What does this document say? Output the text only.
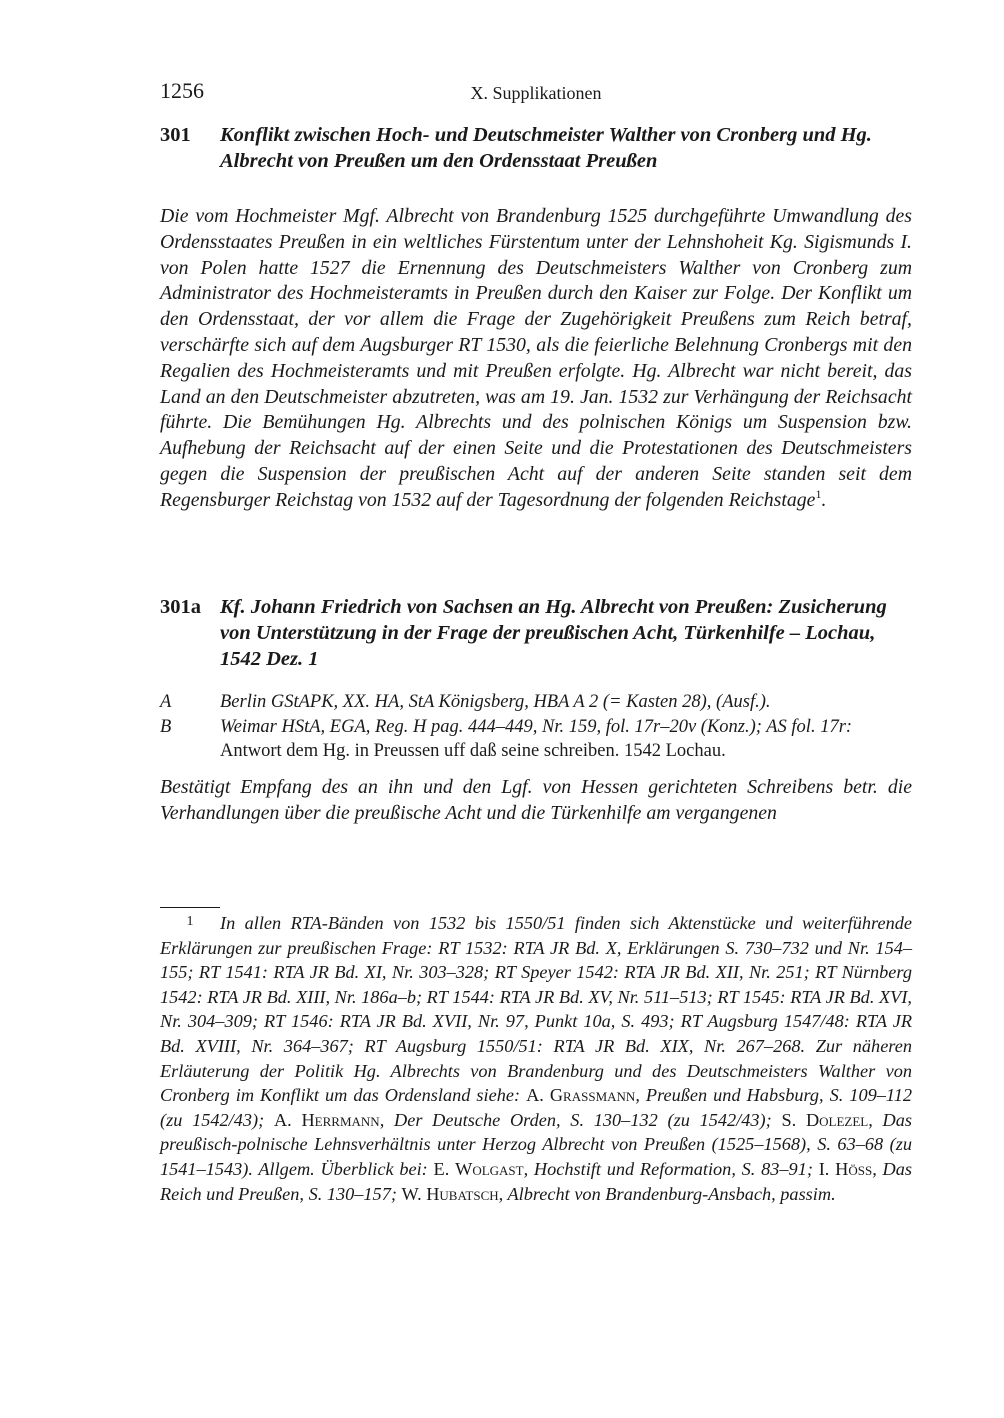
1256	X. Supplikationen
301 Konflikt zwischen Hoch- und Deutschmeister Walther von Cronberg und Hg. Albrecht von Preußen um den Ordensstaat Preußen

Die vom Hochmeister Mgf. Albrecht von Brandenburg 1525 durchgeführte Umwandlung des Ordensstaates Preußen in ein weltliches Fürstentum unter der Lehnshoheit Kg. Sigismunds I. von Polen hatte 1527 die Ernennung des Deutschmeisters Walther von Cronberg zum Administrator des Hochmeisteramts in Preußen durch den Kaiser zur Folge. Der Konflikt um den Ordensstaat, der vor allem die Frage der Zugehörigkeit Preußens zum Reich betraf, verschärfte sich auf dem Augsburger RT 1530, als die feierliche Belehnung Cronbergs mit den Regalien des Hochmeisteramts und mit Preußen erfolgte. Hg. Albrecht war nicht bereit, das Land an den Deutschmeister abzutreten, was am 19. Jan. 1532 zur Verhängung der Reichsacht führte. Die Bemühungen Hg. Albrechts und des polnischen Königs um Suspension bzw. Aufhebung der Reichsacht auf der einen Seite und die Protestationen des Deutschmeisters gegen die Suspension der preußischen Acht auf der anderen Seite standen seit dem Regensburger Reichstag von 1532 auf der Tagesordnung der folgenden Reichstage$^1$.

301a Kf. Johann Friedrich von Sachsen an Hg. Albrecht von Preußen: Zusicherung von Unterstützung in der Frage der preußischen Acht, Türkenhilfe – Lochau, 1542 Dez. 1
A	Berlin GStAPK, XX. HA, StA Königsberg, HBA A 2 (= Kasten 28), (Ausf.).
B	Weimar HStA, EGA, Reg. H pag. 444–449, Nr. 159, fol. 17r–20v (Konz.); AS fol. 17r: Antwort dem Hg. in Preussen uff daß seine schreiben. 1542 Lochau.

Bestätigt Empfang des an ihn und den Lgf. von Hessen gerichteten Schreibens betr. die Verhandlungen über die preußische Acht und die Türkenhilfe am vergangenen

1 In allen RTA-Bänden von 1532 bis 1550/51 finden sich Aktenstücke und weiterführende Erklärungen zur preußischen Frage: RT 1532: RTA JR Bd. X, Erklärungen S. 730–732 und Nr. 154–155; RT 1541: RTA JR Bd. XI, Nr. 303–328; RT Speyer 1542: RTA JR Bd. XII, Nr. 251; RT Nürnberg 1542: RTA JR Bd. XIII, Nr. 186a–b; RT 1544: RTA JR Bd. XV, Nr. 511–513; RT 1545: RTA JR Bd. XVI, Nr. 304–309; RT 1546: RTA JR Bd. XVII, Nr. 97, Punkt 10a, S. 493; RT Augsburg 1547/48: RTA JR Bd. XVIII, Nr. 364–367; RT Augsburg 1550/51: RTA JR Bd. XIX, Nr. 267–268. Zur näheren Erläuterung der Politik Hg. Albrechts von Brandenburg und des Deutschmeisters Walther von Cronberg im Konflikt um das Ordensland siehe: A. Graßmann, Preußen und Habsburg, S. 109–112 (zu 1542/43); A. Herrmann, Der Deutsche Orden, S. 130–132 (zu 1542/43); S. Dolezel, Das preußisch-polnische Lehnsverhältnis unter Herzog Albrecht von Preußen (1525–1568), S. 63–68 (zu 1541–1543). Allgem. Überblick bei: E. Wolgast, Hochstift und Reformation, S. 83–91; I. Höß, Das Reich und Preußen, S. 130–157; W. Hubatsch, Albrecht von Brandenburg-Ansbach, passim.
